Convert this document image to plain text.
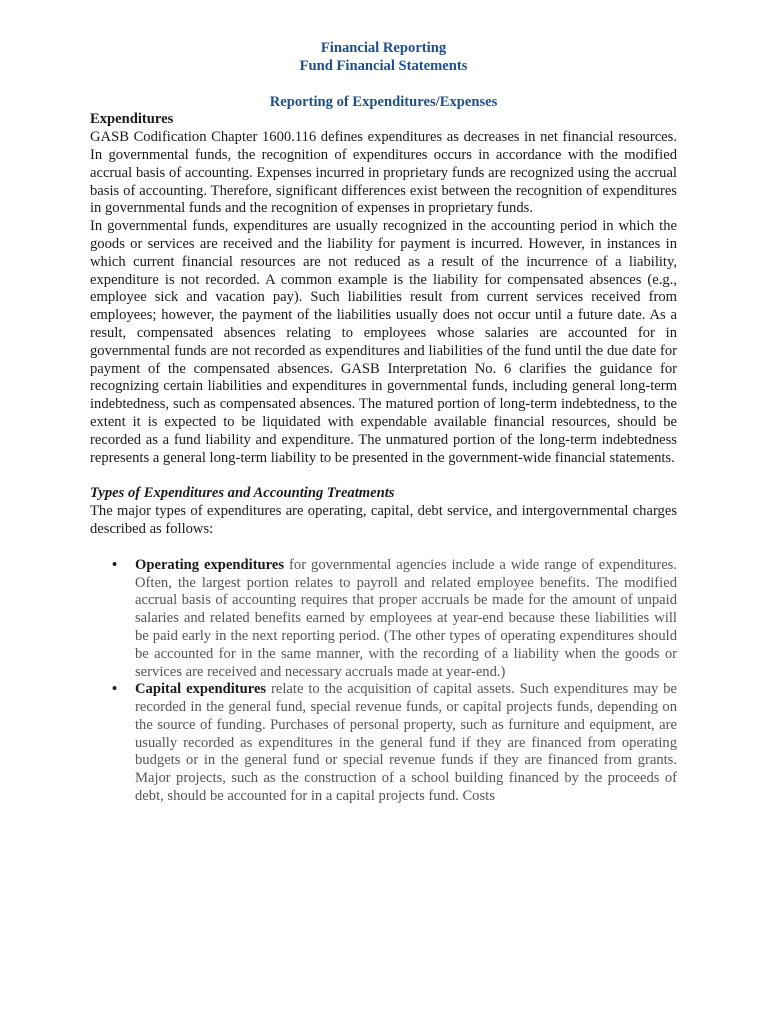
Financial Reporting

Fund Financial Statements

Reporting of Expenditures/Expenses

Expenditures

GASB Codification Chapter 1600.116 defines expenditures as decreases in net financial resources. In governmental funds, the recognition of expenditures occurs in accordance with the modified accrual basis of accounting. Expenses incurred in proprietary funds are recognized using the accrual basis of accounting. Therefore, significant differences exist between the recognition of expenditures in governmental funds and the recognition of expenses in proprietary funds.

In governmental funds, expenditures are usually recognized in the accounting period in which the goods or services are received and the liability for payment is incurred. However, in instances in which current financial resources are not reduced as a result of the incurrence of a liability, expenditure is not recorded. A common example is the liability for compensated absences (e.g., employee sick and vacation pay). Such liabilities result from current services received from employees; however, the payment of the liabilities usually does not occur until a future date. As a result, compensated absences relating to employees whose salaries are accounted for in governmental funds are not recorded as expenditures and liabilities of the fund until the due date for payment of the compensated absences. GASB Interpretation No. 6 clarifies the guidance for recognizing certain liabilities and expenditures in governmental funds, including general long-term indebtedness, such as compensated absences. The matured portion of long-term indebtedness, to the extent it is expected to be liquidated with expendable available financial resources, should be recorded as a fund liability and expenditure. The unmatured portion of the long-term indebtedness represents a general long-term liability to be presented in the government-wide financial statements.

Types of Expenditures and Accounting Treatments

The major types of expenditures are operating, capital, debt service, and intergovernmental charges described as follows:

• Operating expenditures for governmental agencies include a wide range of expenditures. Often, the largest portion relates to payroll and related employee benefits. The modified accrual basis of accounting requires that proper accruals be made for the amount of unpaid salaries and related benefits earned by employees at year-end because these liabilities will be paid early in the next reporting period. (The other types of operating expenditures should be accounted for in the same manner, with the recording of a liability when the goods or services are received and necessary accruals made at year-end.)
• Capital expenditures relate to the acquisition of capital assets. Such expenditures may be recorded in the general fund, special revenue funds, or capital projects funds, depending on the source of funding. Purchases of personal property, such as furniture and equipment, are usually recorded as expenditures in the general fund if they are financed from operating budgets or in the general fund or special revenue funds if they are financed from grants. Major projects, such as the construction of a school building financed by the proceeds of debt, should be accounted for in a capital projects fund. Costs
